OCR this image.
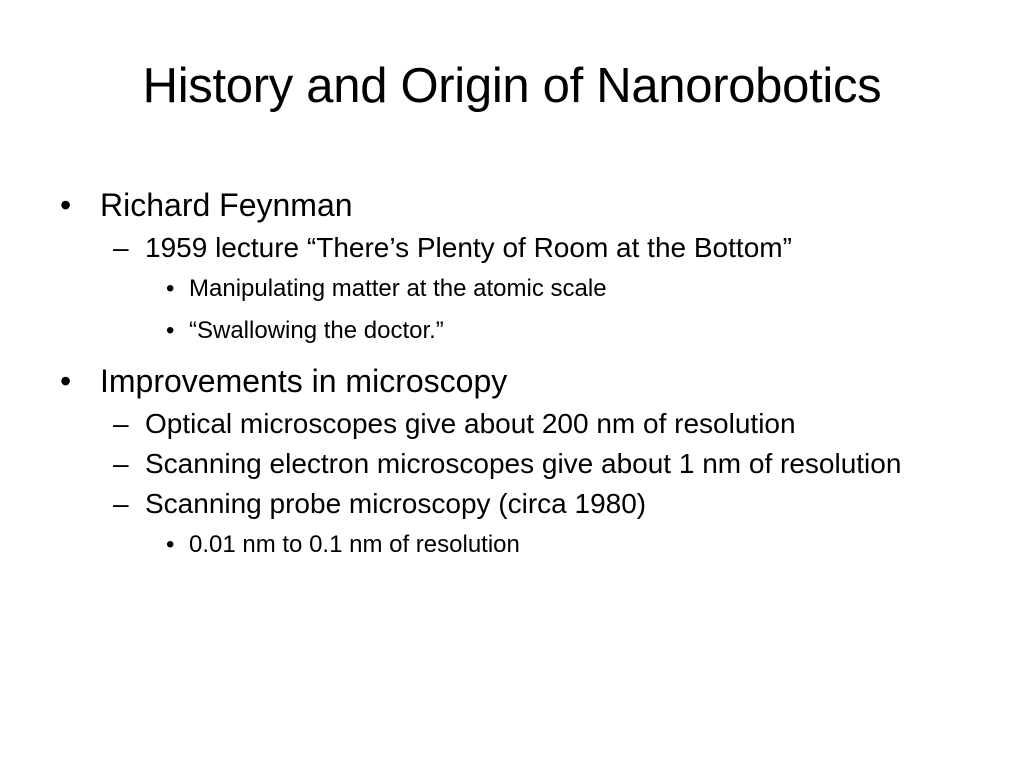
History and Origin of Nanorobotics
• Richard Feynman
– 1959 lecture “There’s Plenty of Room at the Bottom”
• Manipulating matter at the atomic scale
• “Swallowing the doctor.”
• Improvements in microscopy
– Optical microscopes give about 200 nm of resolution
– Scanning electron microscopes give about 1 nm of resolution
– Scanning probe microscopy (circa 1980)
• 0.01 nm to 0.1 nm of resolution
